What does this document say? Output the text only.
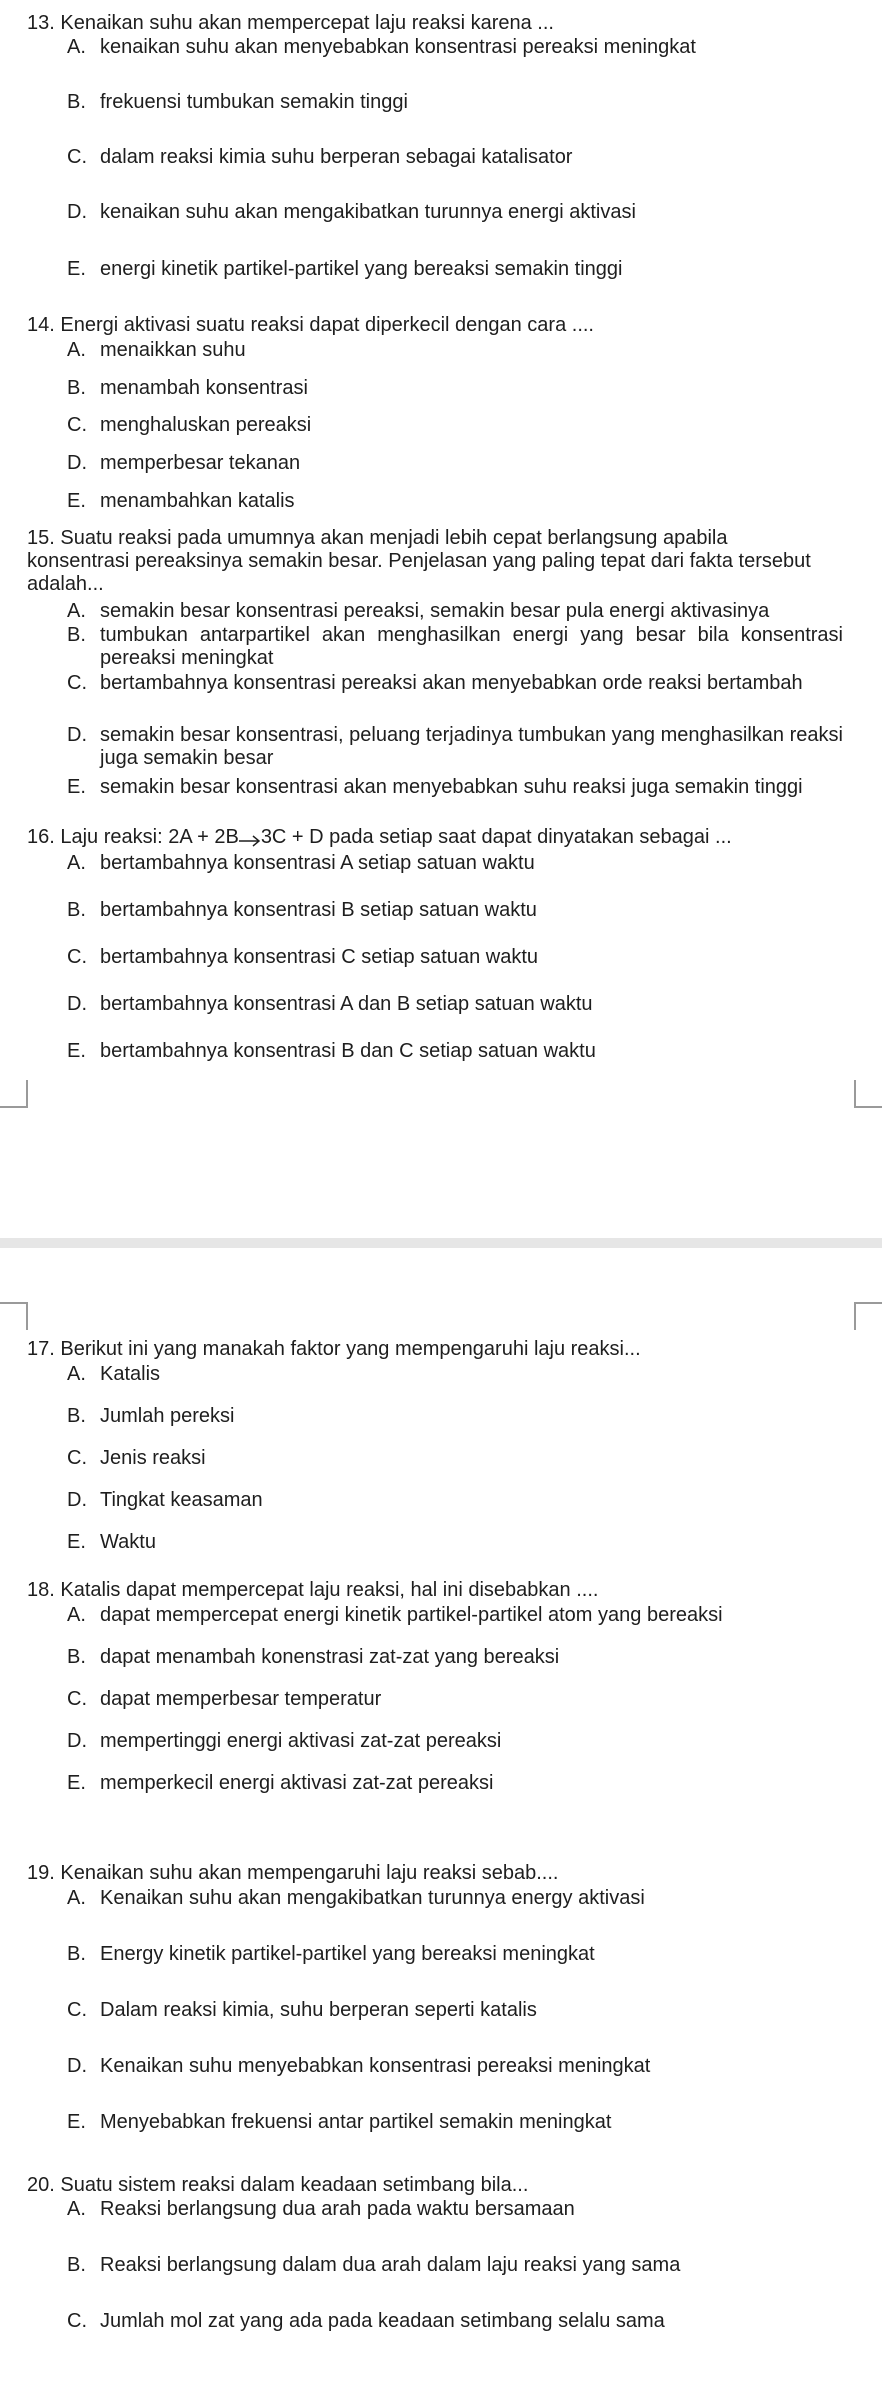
13. Kenaikan suhu akan mempercepat laju reaksi karena ...
A. kenaikan suhu akan menyebabkan konsentrasi pereaksi meningkat
B. frekuensi tumbukan semakin tinggi
C. dalam reaksi kimia suhu berperan sebagai katalisator
D. kenaikan suhu akan mengakibatkan turunnya energi aktivasi
E. energi kinetik partikel-partikel yang bereaksi semakin tinggi
14. Energi aktivasi suatu reaksi dapat diperkecil dengan cara ....
A. menaikkan suhu
B. menambah konsentrasi
C. menghaluskan pereaksi
D. memperbesar tekanan
E. menambahkan katalis
15. Suatu reaksi pada umumnya akan menjadi lebih cepat berlangsung apabila konsentrasi pereaksinya semakin besar. Penjelasan yang paling tepat dari fakta tersebut adalah...
A. semakin besar konsentrasi pereaksi, semakin besar pula energi aktivasinya
B. tumbukan antarpartikel akan menghasilkan energi yang besar bila konsentrasi pereaksi meningkat
C. bertambahnya konsentrasi pereaksi akan menyebabkan orde reaksi bertambah
D. semakin besar konsentrasi, peluang terjadinya tumbukan yang menghasilkan reaksi juga semakin besar
E. semakin besar konsentrasi akan menyebabkan suhu reaksi juga semakin tinggi
16. Laju reaksi: 2A + 2B→3C + D pada setiap saat dapat dinyatakan sebagai ...
A. bertambahnya konsentrasi A setiap satuan waktu
B. bertambahnya konsentrasi B setiap satuan waktu
C. bertambahnya konsentrasi C setiap satuan waktu
D. bertambahnya konsentrasi A dan B setiap satuan waktu
E. bertambahnya konsentrasi B dan C setiap satuan waktu
17. Berikut ini yang manakah faktor yang mempengaruhi laju reaksi...
A. Katalis
B. Jumlah pereksi
C. Jenis reaksi
D. Tingkat keasaman
E. Waktu
18. Katalis dapat mempercepat laju reaksi, hal ini disebabkan ....
A. dapat mempercepat energi kinetik partikel-partikel atom yang bereaksi
B. dapat menambah konenstrasi zat-zat yang bereaksi
C. dapat memperbesar temperatur
D. mempertinggi energi aktivasi zat-zat pereaksi
E. memperkecil energi aktivasi zat-zat pereaksi
19. Kenaikan suhu akan mempengaruhi laju reaksi sebab....
A. Kenaikan suhu akan mengakibatkan turunnya energy aktivasi
B. Energy kinetik partikel-partikel yang bereaksi meningkat
C. Dalam reaksi kimia, suhu berperan seperti katalis
D. Kenaikan suhu menyebabkan konsentrasi pereaksi meningkat
E. Menyebabkan frekuensi antar partikel semakin meningkat
20. Suatu sistem reaksi dalam keadaan setimbang bila...
A. Reaksi berlangsung dua arah pada waktu bersamaan
B. Reaksi berlangsung dalam dua arah dalam laju reaksi yang sama
C. Jumlah mol zat yang ada pada keadaan setimbang selalu sama
